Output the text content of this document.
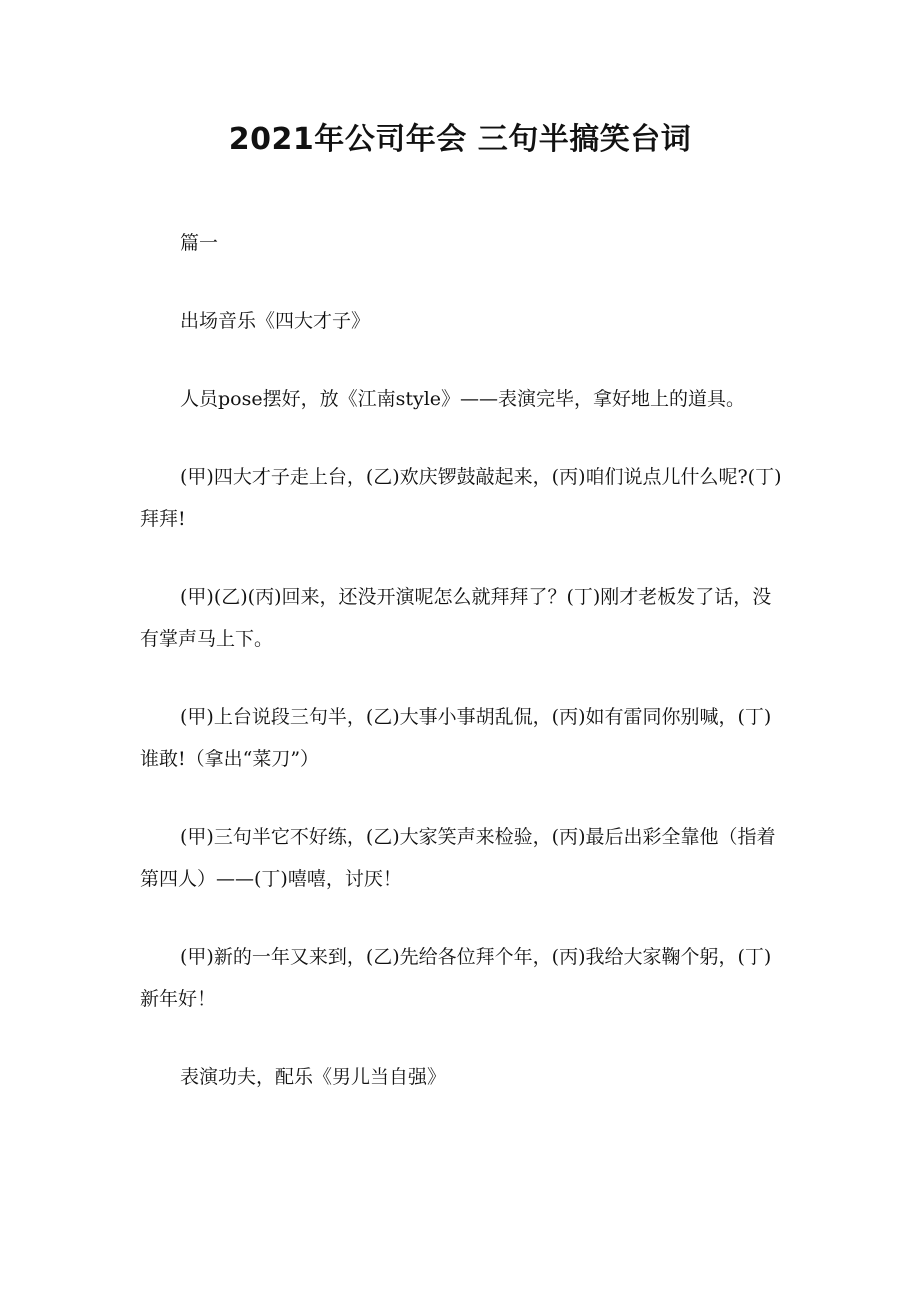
2021年公司年会 三句半搞笑台词

篇一

出场音乐《四大才子》

人员pose摆好，放《江南style》——表演完毕，拿好地上的道具。

(甲)四大才子走上台，(乙)欢庆锣鼓敲起来，(丙)咱们说点儿什么呢?(丁)拜拜!

(甲)(乙)(丙)回来，还没开演呢怎么就拜拜了？(丁)刚才老板发了话，没有掌声马上下。

(甲)上台说段三句半，(乙)大事小事胡乱侃，(丙)如有雷同你别喊，(丁)谁敢!（拿出“菜刀”）

(甲)三句半它不好练，(乙)大家笑声来检验，(丙)最后出彩全靠他（指着第四人）——(丁)嘻嘻，讨厌！

(甲)新的一年又来到，(乙)先给各位拜个年，(丙)我给大家鞠个躬，(丁)新年好！

表演功夫，配乐《男儿当自强》
